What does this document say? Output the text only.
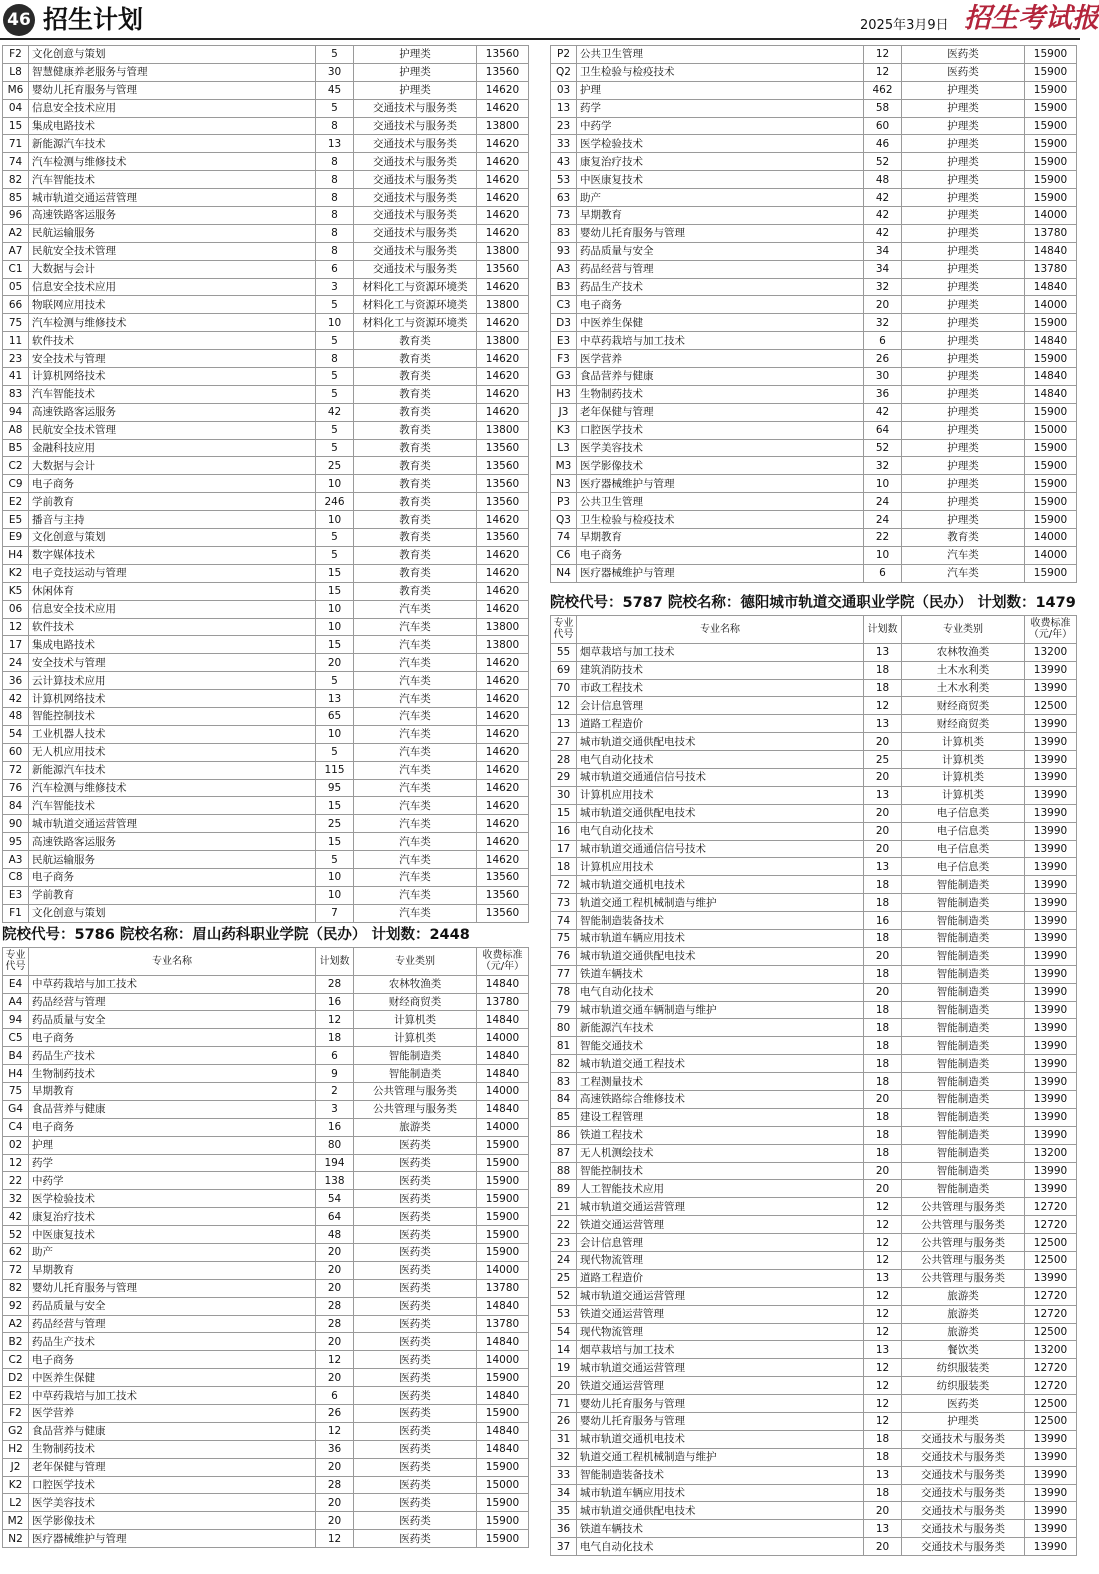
46 招生计划	2025年3月9日 招生考试报
F2	文化创意与策划	5	护理类	13560
L8	智慧健康养老服务与管理	30	护理类	13560
M6	婴幼儿托育服务与管理	45	护理类	14620
04	信息安全技术应用	5	交通技术与服务类	14620
15	集成电路技术	8	交通技术与服务类	13800
71	新能源汽车技术	13	交通技术与服务类	14620
74	汽车检测与维修技术	8	交通技术与服务类	14620
82	汽车智能技术	8	交通技术与服务类	14620
85	城市轨道交通运营管理	8	交通技术与服务类	14620
96	高速铁路客运服务	8	交通技术与服务类	14620
A2	民航运输服务	8	交通技术与服务类	14620
A7	民航安全技术管理	8	交通技术与服务类	13800
C1	大数据与会计	6	交通技术与服务类	13560
05	信息安全技术应用	3	材料化工与资源环境类	14620
66	物联网应用技术	5	材料化工与资源环境类	13800
75	汽车检测与维修技术	10	材料化工与资源环境类	14620
11	软件技术	5	教育类	13800
23	安全技术与管理	8	教育类	14620
41	计算机网络技术	5	教育类	14620
83	汽车智能技术	5	教育类	14620
94	高速铁路客运服务	42	教育类	14620
A8	民航安全技术管理	5	教育类	13800
B5	金融科技应用	5	教育类	13560
C2	大数据与会计	25	教育类	13560
C9	电子商务	10	教育类	13560
E2	学前教育	246	教育类	13560
E5	播音与主持	10	教育类	14620
E9	文化创意与策划	5	教育类	13560
H4	数字媒体技术	5	教育类	14620
K2	电子竞技运动与管理	15	教育类	14620
K5	休闲体育	15	教育类	14620
06	信息安全技术应用	10	汽车类	14620
12	软件技术	10	汽车类	13800
17	集成电路技术	15	汽车类	13800
24	安全技术与管理	20	汽车类	14620
36	云计算技术应用	5	汽车类	14620
42	计算机网络技术	13	汽车类	14620
48	智能控制技术	65	汽车类	14620
54	工业机器人技术	10	汽车类	14620
60	无人机应用技术	5	汽车类	14620
72	新能源汽车技术	115	汽车类	14620
76	汽车检测与维修技术	95	汽车类	14620
84	汽车智能技术	15	汽车类	14620
90	城市轨道交通运营管理	25	汽车类	14620
95	高速铁路客运服务	15	汽车类	14620
A3	民航运输服务	5	汽车类	14620
C8	电子商务	10	汽车类	13560
E3	学前教育	10	汽车类	13560
F1	文化创意与策划	7	汽车类	13560
院校代号：5786 院校名称：眉山药科职业学院（民办） 计划数：2448
专业代号	专业名称	计划数	专业类别	收费标准（元/年）
E4	中草药栽培与加工技术	28	农林牧渔类	14840
A4	药品经营与管理	16	财经商贸类	13780
94	药品质量与安全	12	计算机类	14840
C5	电子商务	18	计算机类	14000
B4	药品生产技术	6	智能制造类	14840
H4	生物制药技术	9	智能制造类	14840
75	早期教育	2	公共管理与服务类	14000
G4	食品营养与健康	3	公共管理与服务类	14840
C4	电子商务	16	旅游类	14000
02	护理	80	医药类	15900
12	药学	194	医药类	15900
22	中药学	138	医药类	15900
32	医学检验技术	54	医药类	15900
42	康复治疗技术	64	医药类	15900
52	中医康复技术	48	医药类	15900
62	助产	20	医药类	15900
72	早期教育	20	医药类	14000
82	婴幼儿托育服务与管理	20	医药类	13780
92	药品质量与安全	28	医药类	14840
A2	药品经营与管理	28	医药类	13780
B2	药品生产技术	20	医药类	14840
C2	电子商务	12	医药类	14000
D2	中医养生保健	20	医药类	15900
E2	中草药栽培与加工技术	6	医药类	14840
F2	医学营养	26	医药类	15900
G2	食品营养与健康	12	医药类	14840
H2	生物制药技术	36	医药类	14840
J2	老年保健与管理	20	医药类	15900
K2	口腔医学技术	28	医药类	15000
L2	医学美容技术	20	医药类	15900
M2	医学影像技术	20	医药类	15900
N2	医疗器械维护与管理	12	医药类	15900
P2	公共卫生管理	12	医药类	15900
Q2	卫生检验与检疫技术	12	医药类	15900
03	护理	462	护理类	15900
13	药学	58	护理类	15900
23	中药学	60	护理类	15900
33	医学检验技术	46	护理类	15900
43	康复治疗技术	52	护理类	15900
53	中医康复技术	48	护理类	15900
63	助产	42	护理类	15900
73	早期教育	42	护理类	14000
83	婴幼儿托育服务与管理	42	护理类	13780
93	药品质量与安全	34	护理类	14840
A3	药品经营与管理	34	护理类	13780
B3	药品生产技术	32	护理类	14840
C3	电子商务	20	护理类	14000
D3	中医养生保健	32	护理类	15900
E3	中草药栽培与加工技术	6	护理类	14840
F3	医学营养	26	护理类	15900
G3	食品营养与健康	30	护理类	14840
H3	生物制药技术	36	护理类	14840
J3	老年保健与管理	42	护理类	15900
K3	口腔医学技术	64	护理类	15000
L3	医学美容技术	52	护理类	15900
M3	医学影像技术	32	护理类	15900
N3	医疗器械维护与管理	10	护理类	15900
P3	公共卫生管理	24	护理类	15900
Q3	卫生检验与检疫技术	24	护理类	15900
74	早期教育	22	教育类	14000
C6	电子商务	10	汽车类	14000
N4	医疗器械维护与管理	6	汽车类	15900
院校代号：5787 院校名称：德阳城市轨道交通职业学院（民办） 计划数：1479
专业代号	专业名称	计划数	专业类别	收费标准（元/年）
55	烟草栽培与加工技术	13	农林牧渔类	13200
69	建筑消防技术	18	土木水利类	13990
70	市政工程技术	18	土木水利类	13990
12	会计信息管理	12	财经商贸类	12500
13	道路工程造价	13	财经商贸类	13990
27	城市轨道交通供配电技术	20	计算机类	13990
28	电气自动化技术	25	计算机类	13990
29	城市轨道交通通信信号技术	20	计算机类	13990
30	计算机应用技术	13	计算机类	13990
15	城市轨道交通供配电技术	20	电子信息类	13990
16	电气自动化技术	20	电子信息类	13990
17	城市轨道交通通信信号技术	20	电子信息类	13990
18	计算机应用技术	13	电子信息类	13990
72	城市轨道交通机电技术	18	智能制造类	13990
73	轨道交通工程机械制造与维护	18	智能制造类	13990
74	智能制造装备技术	16	智能制造类	13990
75	城市轨道车辆应用技术	18	智能制造类	13990
76	城市轨道交通供配电技术	20	智能制造类	13990
77	铁道车辆技术	18	智能制造类	13990
78	电气自动化技术	20	智能制造类	13990
79	城市轨道交通车辆制造与维护	18	智能制造类	13990
80	新能源汽车技术	18	智能制造类	13990
81	智能交通技术	18	智能制造类	13990
82	城市轨道交通工程技术	18	智能制造类	13990
83	工程测量技术	18	智能制造类	13990
84	高速铁路综合维修技术	20	智能制造类	13990
85	建设工程管理	18	智能制造类	13990
86	铁道工程技术	18	智能制造类	13990
87	无人机测绘技术	18	智能制造类	13200
88	智能控制技术	20	智能制造类	13990
89	人工智能技术应用	20	智能制造类	13990
21	城市轨道交通运营管理	12	公共管理与服务类	12720
22	铁道交通运营管理	12	公共管理与服务类	12720
23	会计信息管理	12	公共管理与服务类	12500
24	现代物流管理	12	公共管理与服务类	12500
25	道路工程造价	13	公共管理与服务类	13990
52	城市轨道交通运营管理	12	旅游类	12720
53	铁道交通运营管理	12	旅游类	12720
54	现代物流管理	12	旅游类	12500
14	烟草栽培与加工技术	13	餐饮类	13200
19	城市轨道交通运营管理	12	纺织服装类	12720
20	铁道交通运营管理	12	纺织服装类	12720
71	婴幼儿托育服务与管理	12	医药类	12500
26	婴幼儿托育服务与管理	12	护理类	12500
31	城市轨道交通机电技术	18	交通技术与服务类	13990
32	轨道交通工程机械制造与维护	18	交通技术与服务类	13990
33	智能制造装备技术	13	交通技术与服务类	13990
34	城市轨道车辆应用技术	18	交通技术与服务类	13990
35	城市轨道交通供配电技术	20	交通技术与服务类	13990
36	铁道车辆技术	13	交通技术与服务类	13990
37	电气自动化技术	20	交通技术与服务类	13990
